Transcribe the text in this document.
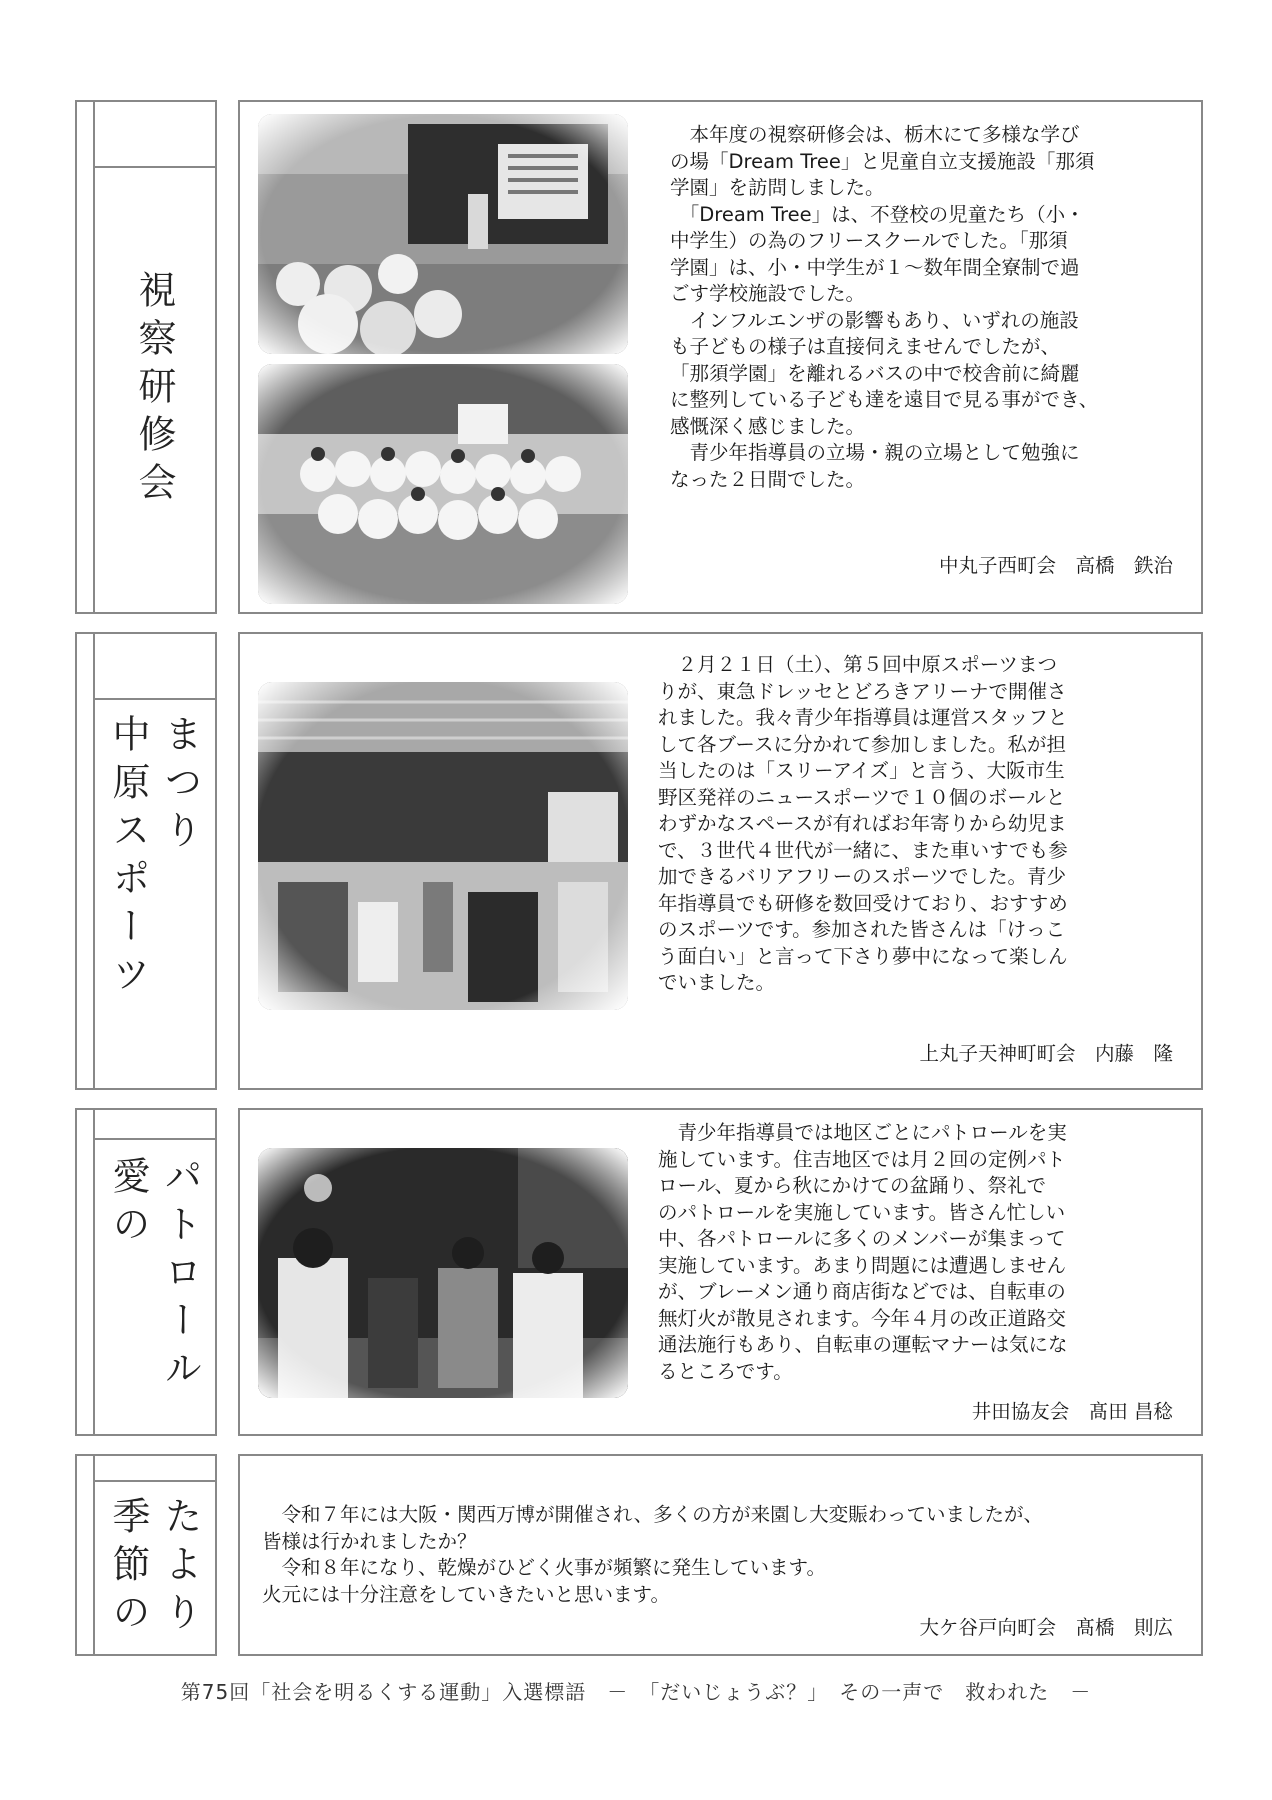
視察研修会
　本年度の視察研修会は、栃木にて多様な学び
の場「Dream Tree」と児童自立支援施設「那須
学園」を訪問しました。
　「Dream Tree」は、不登校の児童たち（小・
中学生）の為のフリースクールでした。「那須
学園」は、小・中学生が１～数年間全寮制で過
ごす学校施設でした。
　インフルエンザの影響もあり、いずれの施設
も子どもの様子は直接伺えませんでしたが、
「那須学園」を離れるバスの中で校舎前に綺麗
に整列している子ども達を遠目で見る事ができ、
感慨深く感じました。
　青少年指導員の立場・親の立場として勉強に
なった２日間でした。
中丸子西町会　高橋　鉄治
中原スポーツ まつり
　２月２１日（土）、第５回中原スポーツまつ
りが、東急ドレッセとどろきアリーナで開催さ
れました。我々青少年指導員は運営スタッフと
して各ブースに分かれて参加しました。私が担
当したのは「スリーアイズ」と言う、大阪市生
野区発祥のニュースポーツで１０個のボールと
わずかなスペースが有ればお年寄りから幼児ま
で、３世代４世代が一緒に、また車いすでも参
加できるバリアフリーのスポーツでした。青少
年指導員でも研修を数回受けており、おすすめ
のスポーツです。参加された皆さんは「けっこ
う面白い」と言って下さり夢中になって楽しん
でいました。
上丸子天神町町会　内藤　隆
愛の パトロール
　青少年指導員では地区ごとにパトロールを実
施しています。住吉地区では月２回の定例パト
ロール、夏から秋にかけての盆踊り、祭礼で
のパトロールを実施しています。皆さん忙しい
中、各パトロールに多くのメンバーが集まって
実施しています。あまり問題には遭遇しません
が、ブレーメン通り商店街などでは、自転車の
無灯火が散見されます。今年４月の改正道路交
通法施行もあり、自転車の運転マナーは気にな
るところです。
井田協友会　髙田 昌稔
季節の たより	　令和７年には大阪・関西万博が開催され、多くの方が来園し大変賑わっていましたが、
皆様は行かれましたか？
　令和８年になり、乾燥がひどく火事が頻繁に発生しています。
火元には十分注意をしていきたいと思います。
大ケ谷戸向町会　髙橋　則広
第75回「社会を明るくする運動」入選標語　－　「だいじょうぶ？」　その一声で　救われた　－
